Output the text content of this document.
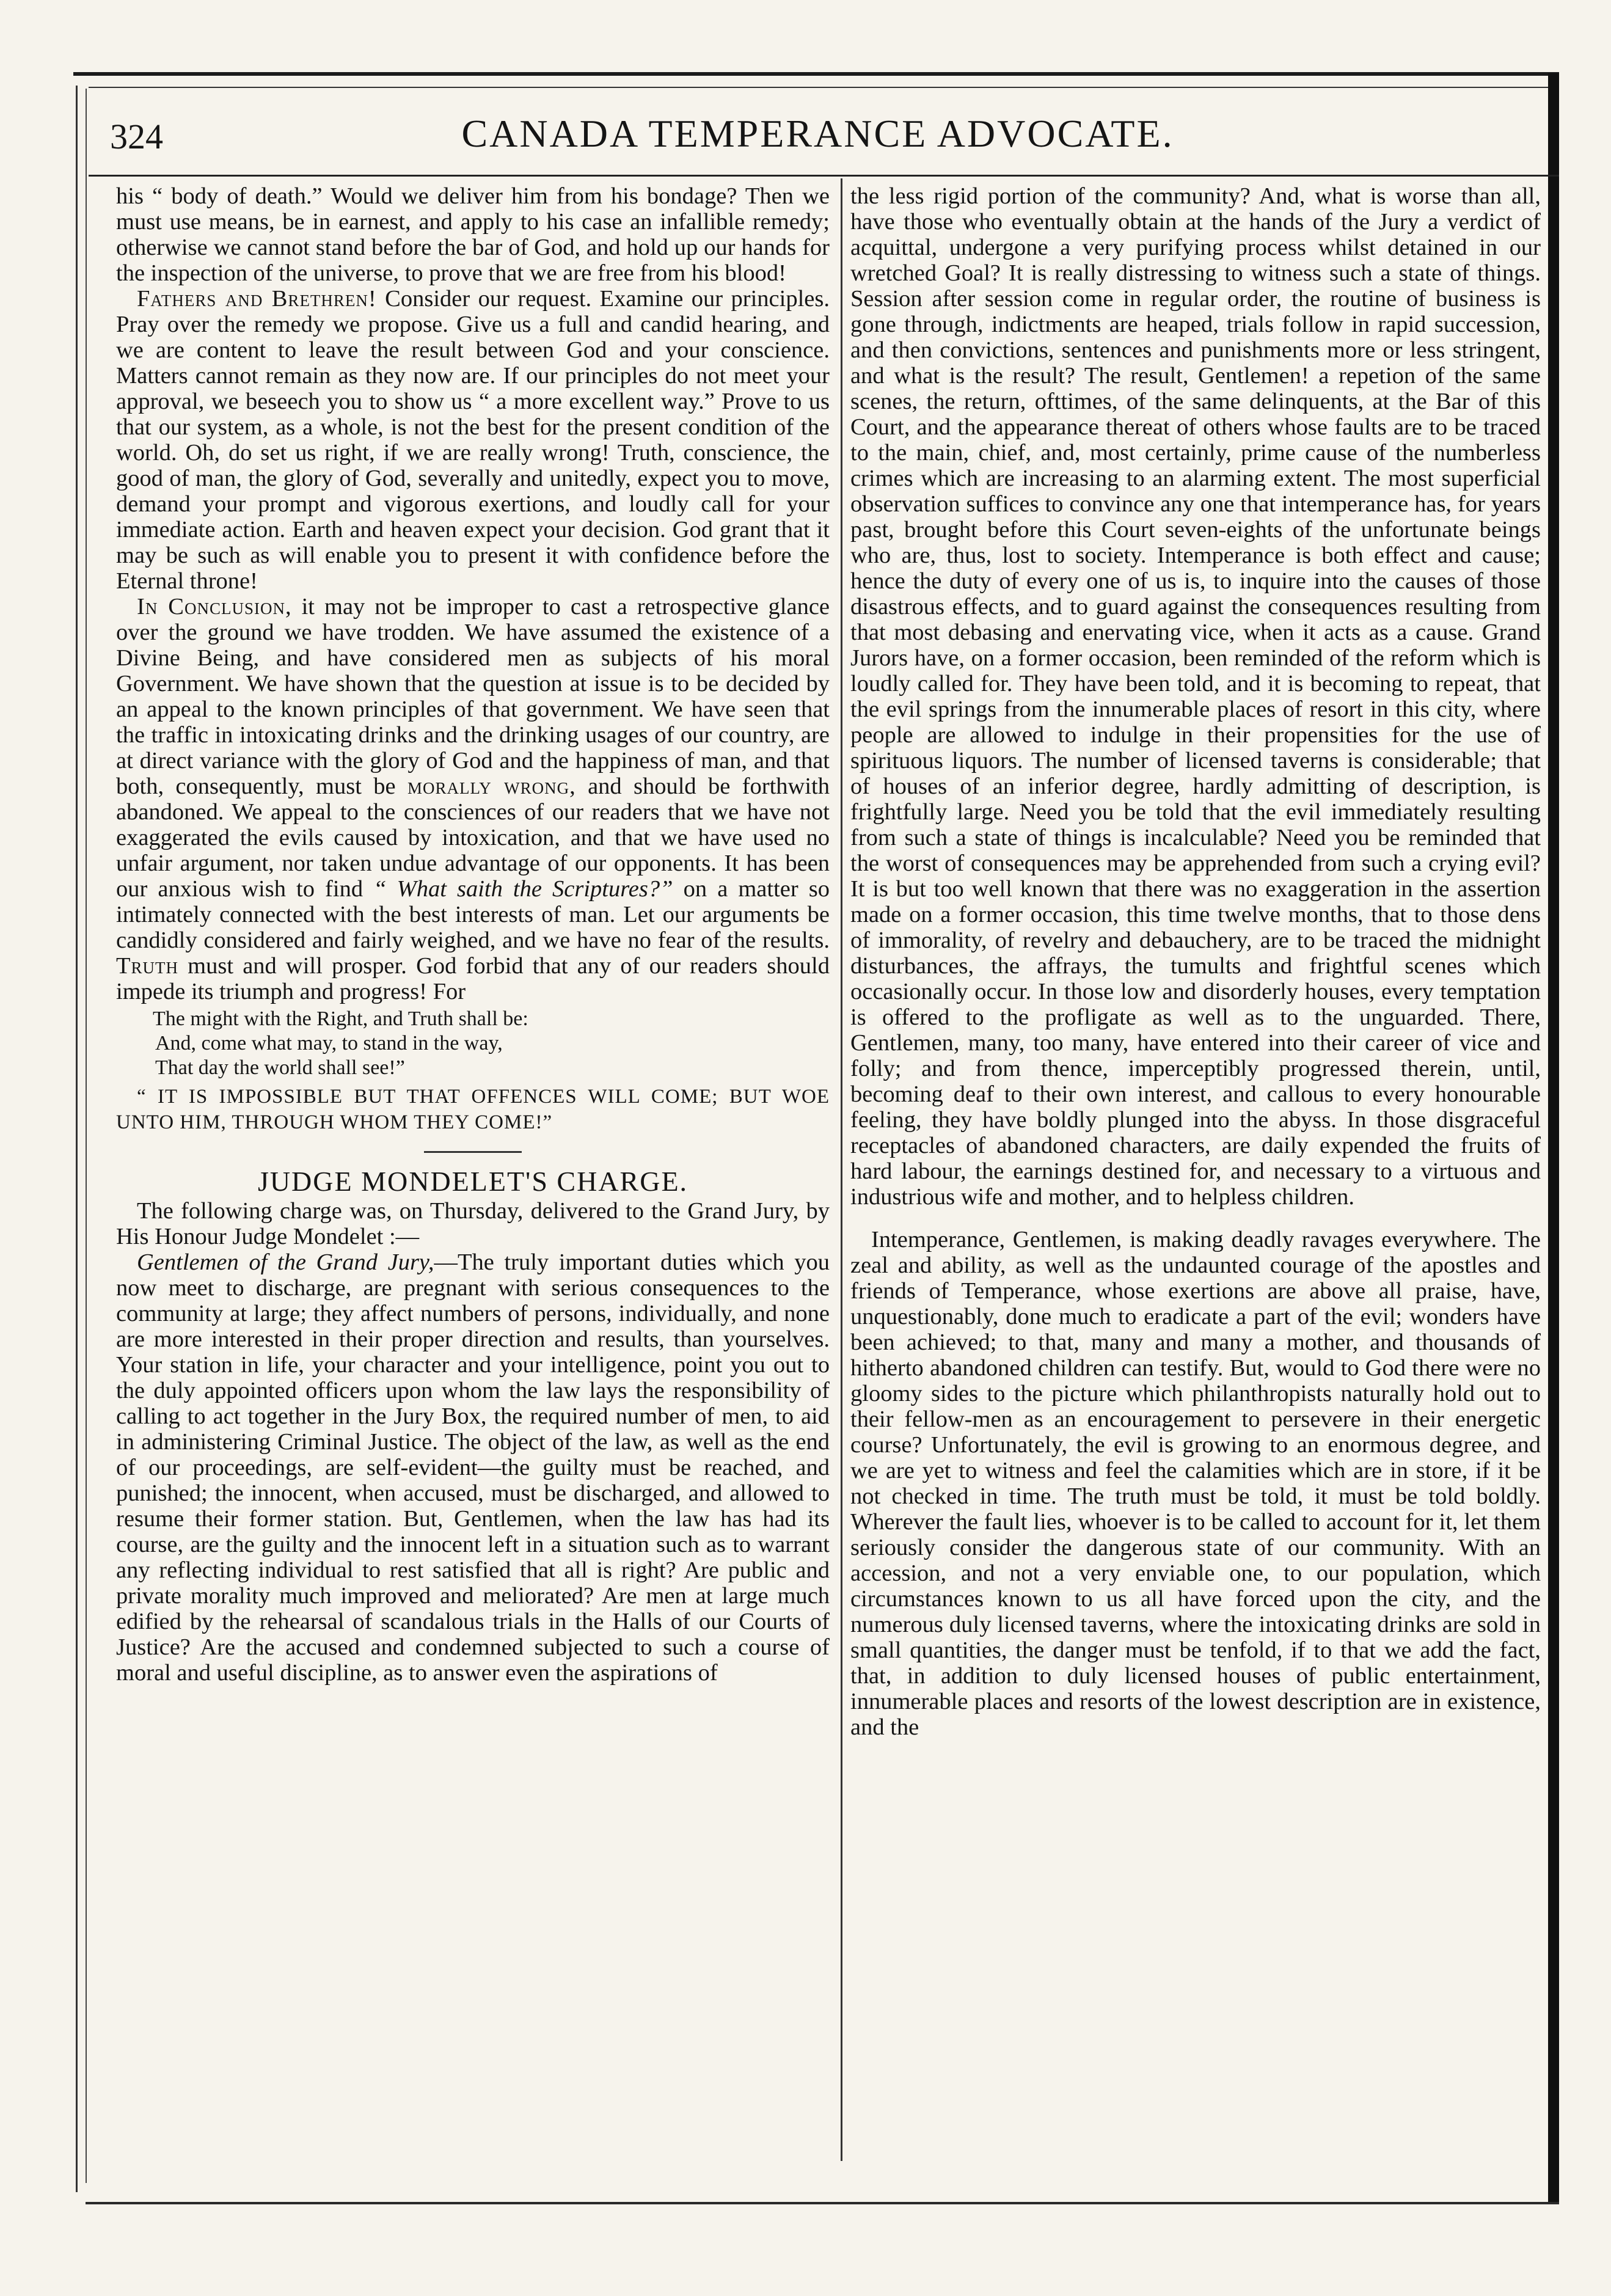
324	CANADA TEMPERANCE ADVOCATE.

his “ body of death.” Would we deliver him from his bondage? Then we must use means, be in earnest, and apply to his case an infallible remedy; otherwise we cannot stand before the bar of God, and hold up our hands for the inspection of the universe, to prove that we are free from his blood!

Fathers and Brethren! Consider our request. Examine our principles. Pray over the remedy we propose. Give us a full and candid hearing, and we are content to leave the result between God and your conscience. Matters cannot remain as they now are. If our principles do not meet your approval, we beseech you to show us “ a more excellent way.” Prove to us that our system, as a whole, is not the best for the present condition of the world. Oh, do set us right, if we are really wrong! Truth, conscience, the good of man, the glory of God, severally and unitedly, expect you to move, demand your prompt and vigorous exertions, and loudly call for your immediate action. Earth and heaven expect your decision. God grant that it may be such as will enable you to present it with confidence before the Eternal throne!

In Conclusion, it may not be improper to cast a retrospective glance over the ground we have trodden. We have assumed the existence of a Divine Being, and have considered men as subjects of his moral Government. We have shown that the question at issue is to be decided by an appeal to the known principles of that government. We have seen that the traffic in intoxicating drinks and the drinking usages of our country, are at direct variance with the glory of God and the happiness of man, and that both, consequently, must be morally wrong, and should be forthwith abandoned. We appeal to the consciences of our readers that we have not exaggerated the evils caused by intoxication, and that we have used no unfair argument, nor taken undue advantage of our opponents. It has been our anxious wish to find “ What saith the Scriptures?” on a matter so intimately connected with the best interests of man. Let our arguments be candidly considered and fairly weighed, and we have no fear of the results. Truth must and will prosper. God forbid that any of our readers should impede its triumph and progress! For

The might with the Right, and Truth shall be:
And, come what may, to stand in the way,
That day the world shall see!”

“ IT IS IMPOSSIBLE BUT THAT OFFENCES WILL COME; BUT WOE UNTO HIM, THROUGH WHOM THEY COME!”

JUDGE MONDELET'S CHARGE.

The following charge was, on Thursday, delivered to the Grand Jury, by His Honour Judge Mondelet :—

Gentlemen of the Grand Jury,—The truly important duties which you now meet to discharge, are pregnant with serious consequences to the community at large; they affect numbers of persons, individually, and none are more interested in their proper direction and results, than yourselves. Your station in life, your character and your intelligence, point you out to the duly appointed officers upon whom the law lays the responsibility of calling to act together in the Jury Box, the required number of men, to aid in administering Criminal Justice. The object of the law, as well as the end of our proceedings, are self-evident—the guilty must be reached, and punished; the innocent, when accused, must be discharged, and allowed to resume their former station. But, Gentlemen, when the law has had its course, are the guilty and the innocent left in a situation such as to warrant any reflecting individual to rest satisfied that all is right? Are public and private morality much improved and meliorated? Are men at large much edified by the rehearsal of scandalous trials in the Halls of our Courts of Justice? Are the accused and condemned subjected to such a course of moral and useful discipline, as to answer even the aspirations of

the less rigid portion of the community? And, what is worse than all, have those who eventually obtain at the hands of the Jury a verdict of acquittal, undergone a very purifying process whilst detained in our wretched Goal? It is really distressing to witness such a state of things. Session after session come in regular order, the routine of business is gone through, indictments are heaped, trials follow in rapid succession, and then convictions, sentences and punishments more or less stringent, and what is the result? The result, Gentlemen! a repetion of the same scenes, the return, ofttimes, of the same delinquents, at the Bar of this Court, and the appearance thereat of others whose faults are to be traced to the main, chief, and, most certainly, prime cause of the numberless crimes which are increasing to an alarming extent. The most superficial observation suffices to convince any one that intemperance has, for years past, brought before this Court seven-eights of the unfortunate beings who are, thus, lost to society. Intemperance is both effect and cause; hence the duty of every one of us is, to inquire into the causes of those disastrous effects, and to guard against the consequences resulting from that most debasing and enervating vice, when it acts as a cause. Grand Jurors have, on a former occasion, been reminded of the reform which is loudly called for. They have been told, and it is becoming to repeat, that the evil springs from the innumerable places of resort in this city, where people are allowed to indulge in their propensities for the use of spirituous liquors. The number of licensed taverns is considerable; that of houses of an inferior degree, hardly admitting of description, is frightfully large. Need you be told that the evil immediately resulting from such a state of things is incalculable? Need you be reminded that the worst of consequences may be apprehended from such a crying evil? It is but too well known that there was no exaggeration in the assertion made on a former occasion, this time twelve months, that to those dens of immorality, of revelry and debauchery, are to be traced the midnight disturbances, the affrays, the tumults and frightful scenes which occasionally occur. In those low and disorderly houses, every temptation is offered to the profligate as well as to the unguarded. There, Gentlemen, many, too many, have entered into their career of vice and folly; and from thence, imperceptibly progressed therein, until, becoming deaf to their own interest, and callous to every honourable feeling, they have boldly plunged into the abyss. In those disgraceful receptacles of abandoned characters, are daily expended the fruits of hard labour, the earnings destined for, and necessary to a virtuous and industrious wife and mother, and to helpless children.

Intemperance, Gentlemen, is making deadly ravages everywhere. The zeal and ability, as well as the undaunted courage of the apostles and friends of Temperance, whose exertions are above all praise, have, unquestionably, done much to eradicate a part of the evil; wonders have been achieved; to that, many and many a mother, and thousands of hitherto abandoned children can testify. But, would to God there were no gloomy sides to the picture which philanthropists naturally hold out to their fellow-men as an encouragement to persevere in their energetic course? Unfortunately, the evil is growing to an enormous degree, and we are yet to witness and feel the calamities which are in store, if it be not checked in time. The truth must be told, it must be told boldly. Wherever the fault lies, whoever is to be called to account for it, let them seriously consider the dangerous state of our community. With an accession, and not a very enviable one, to our population, which circumstances known to us all have forced upon the city, and the numerous duly licensed taverns, where the intoxicating drinks are sold in small quantities, the danger must be tenfold, if to that we add the fact, that, in addition to duly licensed houses of public entertainment, innumerable places and resorts of the lowest description are in existence, and the
